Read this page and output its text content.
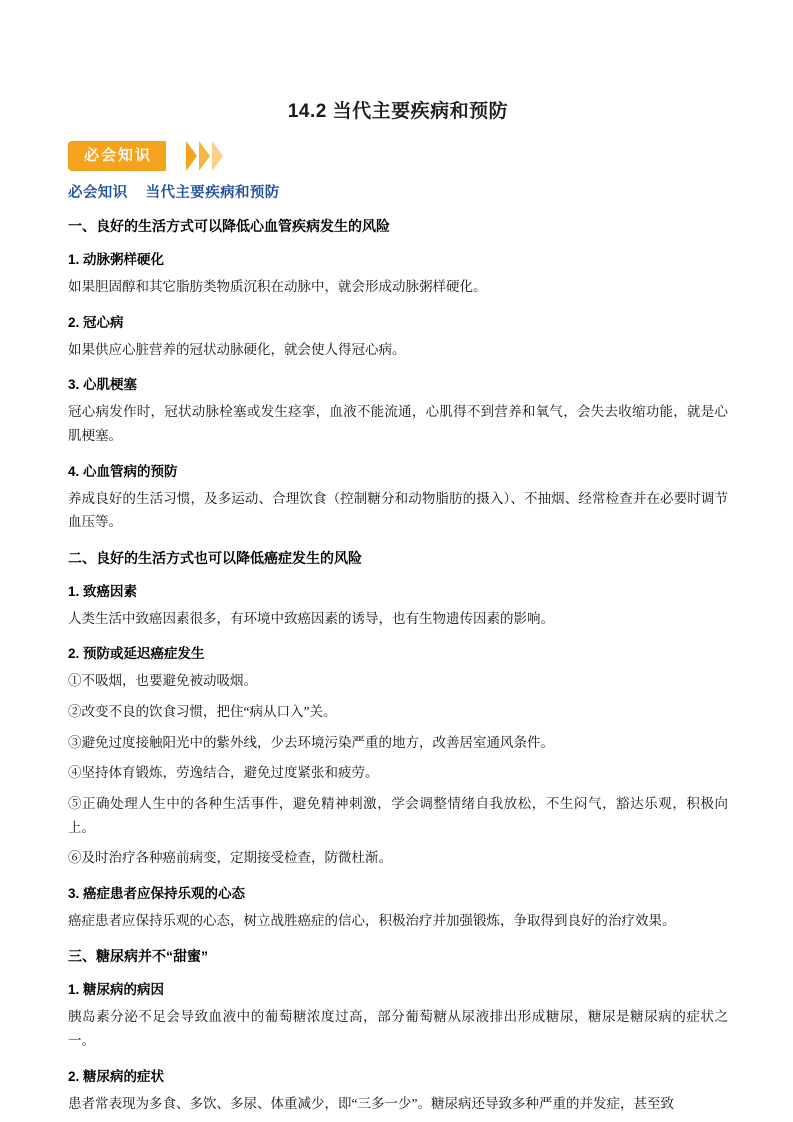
14.2 当代主要疾病和预防
必会知识
必会知识 当代主要疾病和预防
一、良好的生活方式可以降低心血管疾病发生的风险
1. 动脉粥样硬化

如果胆固醇和其它脂肪类物质沉积在动脉中，就会形成动脉粥样硬化。

2. 冠心病

如果供应心脏营养的冠状动脉硬化，就会使人得冠心病。

3. 心肌梗塞

冠心病发作时，冠状动脉栓塞或发生痉挛，血液不能流通，心肌得不到营养和氧气，会失去收缩功能，就是心肌梗塞。

4. 心血管病的预防

养成良好的生活习惯，及多运动、合理饮食（控制糖分和动物脂肪的摄入）、不抽烟、经常检查并在必要时调节血压等。

二、良好的生活方式也可以降低癌症发生的风险
1. 致癌因素

人类生活中致癌因素很多，有环境中致癌因素的诱导，也有生物遗传因素的影响。

2. 预防或延迟癌症发生

①不吸烟，也要避免被动吸烟。

②改变不良的饮食习惯，把住“病从口入”关。

③避免过度接触阳光中的紫外线，少去环境污染严重的地方，改善居室通风条件。

④坚持体育锻炼，劳逸结合，避免过度紧张和疲劳。

⑤正确处理人生中的各种生活事件，避免精神刺激，学会调整情绪自我放松，不生闷气，豁达乐观，积极向上。

⑥及时治疗各种癌前病变，定期接受检查，防微杜渐。

3. 癌症患者应保持乐观的心态

癌症患者应保持乐观的心态，树立战胜癌症的信心，积极治疗并加强锻炼，争取得到良好的治疗效果。

三、糖尿病并不“甜蜜”
1. 糖尿病的病因

胰岛素分泌不足会导致血液中的葡萄糖浓度过高，部分葡萄糖从尿液排出形成糖尿，糖尿是糖尿病的症状之一。

2. 糖尿病的症状

患者常表现为多食、多饮、多尿、体重减少，即“三多一少”。糖尿病还导致多种严重的并发症，甚至致
